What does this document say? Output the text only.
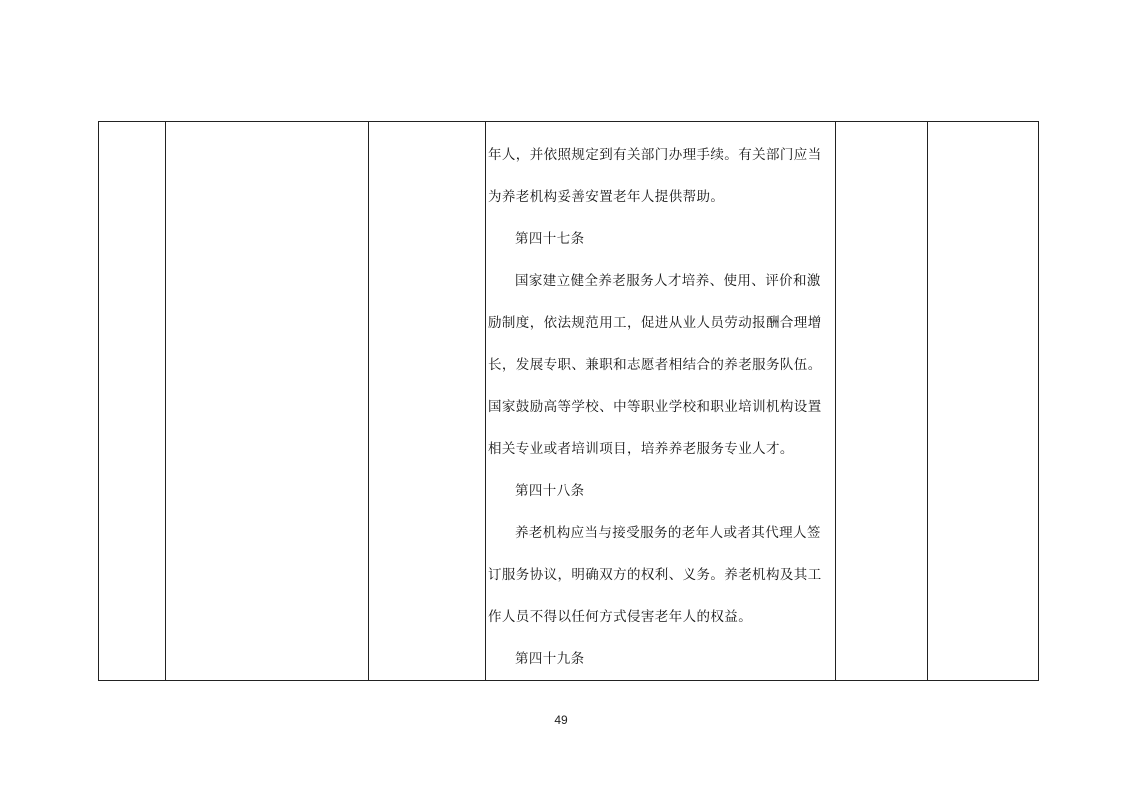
年人，并依照规定到有关部门办理手续。有关部门应当

为养老机构妥善安置老年人提供帮助。

第四十七条

国家建立健全养老服务人才培养、使用、评价和激

励制度，依法规范用工，促进从业人员劳动报酬合理增

长，发展专职、兼职和志愿者相结合的养老服务队伍。

国家鼓励高等学校、中等职业学校和职业培训机构设置

相关专业或者培训项目，培养养老服务专业人才。

第四十八条

养老机构应当与接受服务的老年人或者其代理人签

订服务协议，明确双方的权利、义务。养老机构及其工

作人员不得以任何方式侵害老年人的权益。

第四十九条

49
